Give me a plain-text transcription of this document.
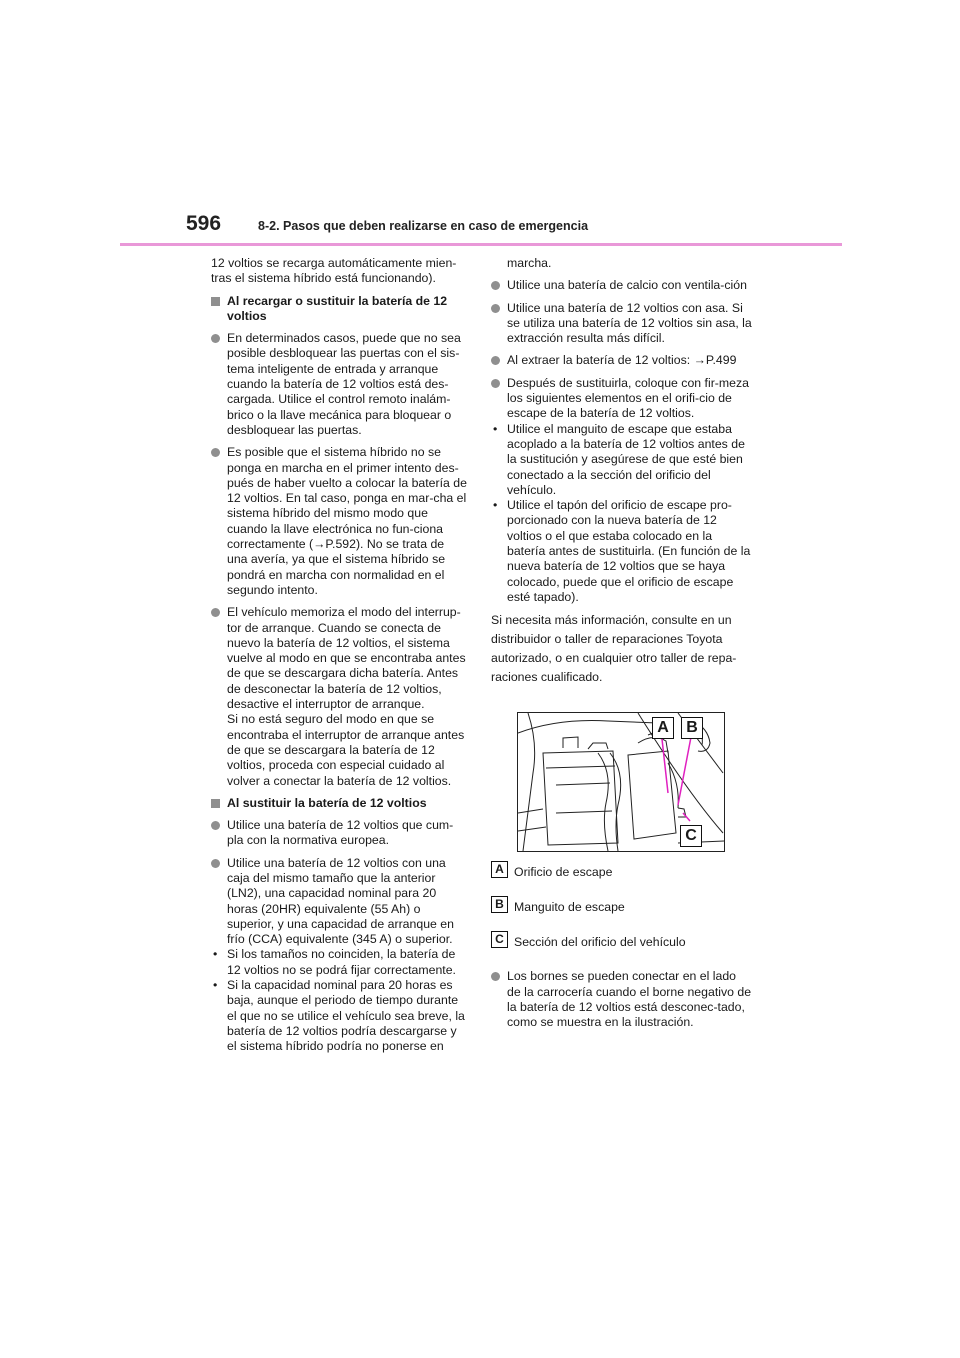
596	8-2. Pasos que deben realizarse en caso de emergencia

12 voltios se recarga automáticamente mien-tras el sistema híbrido está funcionando).

Al recargar o sustituir la batería de 12 voltios
En determinados casos, puede que no sea posible desbloquear las puertas con el sis-tema inteligente de entrada y arranque cuando la batería de 12 voltios está des-cargada. Utilice el control remoto inalám-brico o la llave mecánica para bloquear o desbloquear las puertas.
Es posible que el sistema híbrido no se ponga en marcha en el primer intento des-pués de haber vuelto a colocar la batería de 12 voltios. En tal caso, ponga en mar-cha el sistema híbrido del mismo modo que cuando la llave electrónica no fun-ciona correctamente (→P.592). No se trata de una avería, ya que el sistema híbrido se pondrá en marcha con normalidad en el segundo intento.
El vehículo memoriza el modo del interrup-tor de arranque. Cuando se conecta de nuevo la batería de 12 voltios, el sistema vuelve al modo en que se encontraba antes de que se descargara dicha batería. Antes de desconectar la batería de 12 voltios, desactive el interruptor de arranque.
Si no está seguro del modo en que se encontraba el interruptor de arranque antes de que se descargara la batería de 12 voltios, proceda con especial cuidado al volver a conectar la batería de 12 voltios.
Al sustituir la batería de 12 voltios
Utilice una batería de 12 voltios que cum-pla con la normativa europea.
Utilice una batería de 12 voltios con una caja del mismo tamaño que la anterior (LN2), una capacidad nominal para 20 horas (20HR) equivalente (55 Ah) o superior, y una capacidad de arranque en frío (CCA) equivalente (345 A) o superior.
• Si los tamaños no coinciden, la batería de 12 voltios no se podrá fijar correctamente.
• Si la capacidad nominal para 20 horas es baja, aunque el periodo de tiempo durante el que no se utilice el vehículo sea breve, la batería de 12 voltios podría descargarse y el sistema híbrido podría no ponerse en
marcha.
Utilice una batería de calcio con ventila-ción
Utilice una batería de 12 voltios con asa. Si se utiliza una batería de 12 voltios sin asa, la extracción resulta más difícil.
Al extraer la batería de 12 voltios: →P.499
Después de sustituirla, coloque con fir-meza los siguientes elementos en el orifi-cio de escape de la batería de 12 voltios.
• Utilice el manguito de escape que estaba acoplado a la batería de 12 voltios antes de la sustitución y asegúrese de que esté bien conectado a la sección del orificio del vehículo.
• Utilice el tapón del orificio de escape pro-porcionado con la nueva batería de 12 voltios o el que estaba colocado en la batería antes de sustituirla. (En función de la nueva batería de 12 voltios que se haya colocado, puede que el orificio de escape esté tapado).

Si necesita más información, consulte en un distribuidor o taller de reparaciones Toyota autorizado, o en cualquier otro taller de repa-raciones cualificado.

A	B
C
A Orificio de escape
B Manguito de escape
C Sección del orificio del vehículo
Los bornes se pueden conectar en el lado de la carrocería cuando el borne negativo de la batería de 12 voltios está desconec-tado, como se muestra en la ilustración.
